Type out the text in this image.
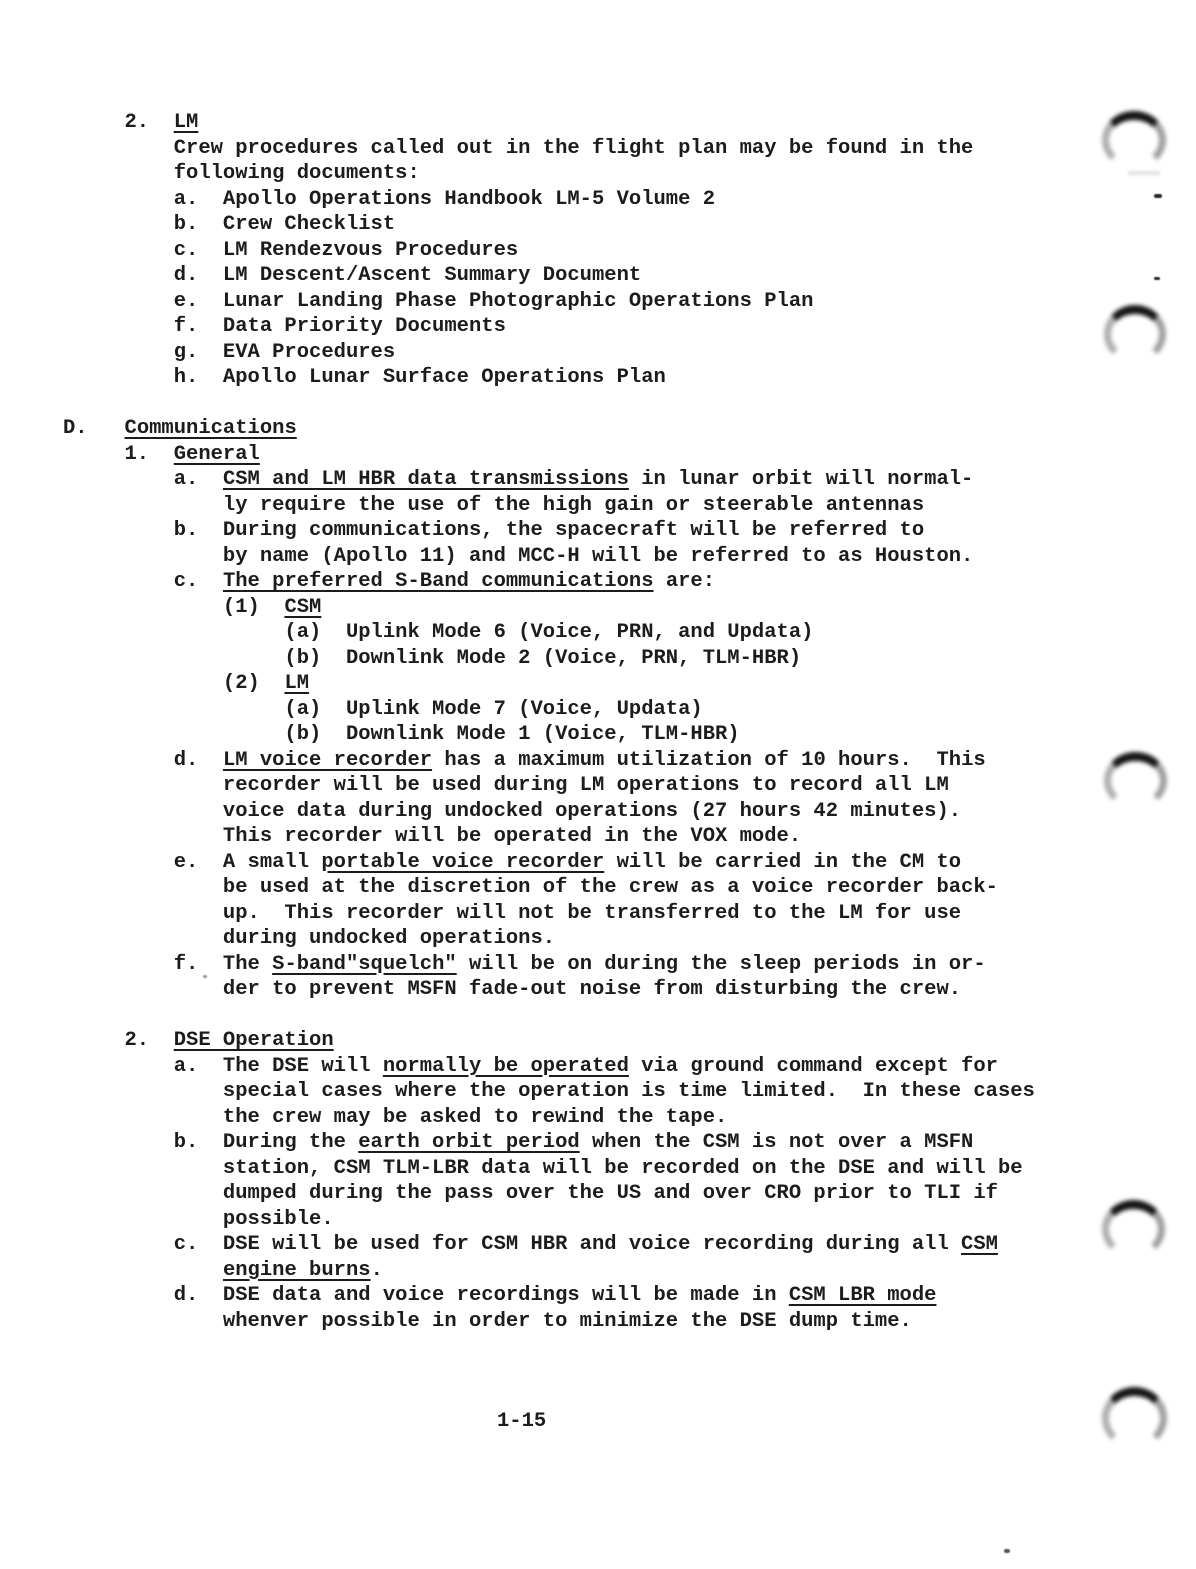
2.  LM
Crew procedures called out in the flight plan may be found in the
following documents:
a.  Apollo Operations Handbook LM-5 Volume 2
b.  Crew Checklist
c.  LM Rendezvous Procedures
d.  LM Descent/Ascent Summary Document
e.  Lunar Landing Phase Photographic Operations Plan
f.  Data Priority Documents
g.  EVA Procedures
h.  Apollo Lunar Surface Operations Plan

D.   Communications
1.  General
a.  CSM and LM HBR data transmissions in lunar orbit will normal-
ly require the use of the high gain or steerable antennas
b.  During communications, the spacecraft will be referred to
by name (Apollo 11) and MCC-H will be referred to as Houston.
c.  The preferred S-Band communications are:
(1)  CSM
(a)  Uplink Mode 6 (Voice, PRN, and Updata)
(b)  Downlink Mode 2 (Voice, PRN, TLM-HBR)
(2)  LM
(a)  Uplink Mode 7 (Voice, Updata)
(b)  Downlink Mode 1 (Voice, TLM-HBR)
d.  LM voice recorder has a maximum utilization of 10 hours.  This
recorder will be used during LM operations to record all LM
voice data during undocked operations (27 hours 42 minutes).
This recorder will be operated in the VOX mode.
e.  A small portable voice recorder will be carried in the CM to
be used at the discretion of the crew as a voice recorder back-
up.  This recorder will not be transferred to the LM for use
during undocked operations.
f.  The S-band"squelch" will be on during the sleep periods in or-
der to prevent MSFN fade-out noise from disturbing the crew.

2.  DSE Operation
a.  The DSE will normally be operated via ground command except for
special cases where the operation is time limited.  In these cases
the crew may be asked to rewind the tape.
b.  During the earth orbit period when the CSM is not over a MSFN
station, CSM TLM-LBR data will be recorded on the DSE and will be
dumped during the pass over the US and over CRO prior to TLI if
possible.
c.  DSE will be used for CSM HBR and voice recording during all CSM
engine burns.
d.  DSE data and voice recordings will be made in CSM LBR mode
whenver possible in order to minimize the DSE dump time.
1-15
